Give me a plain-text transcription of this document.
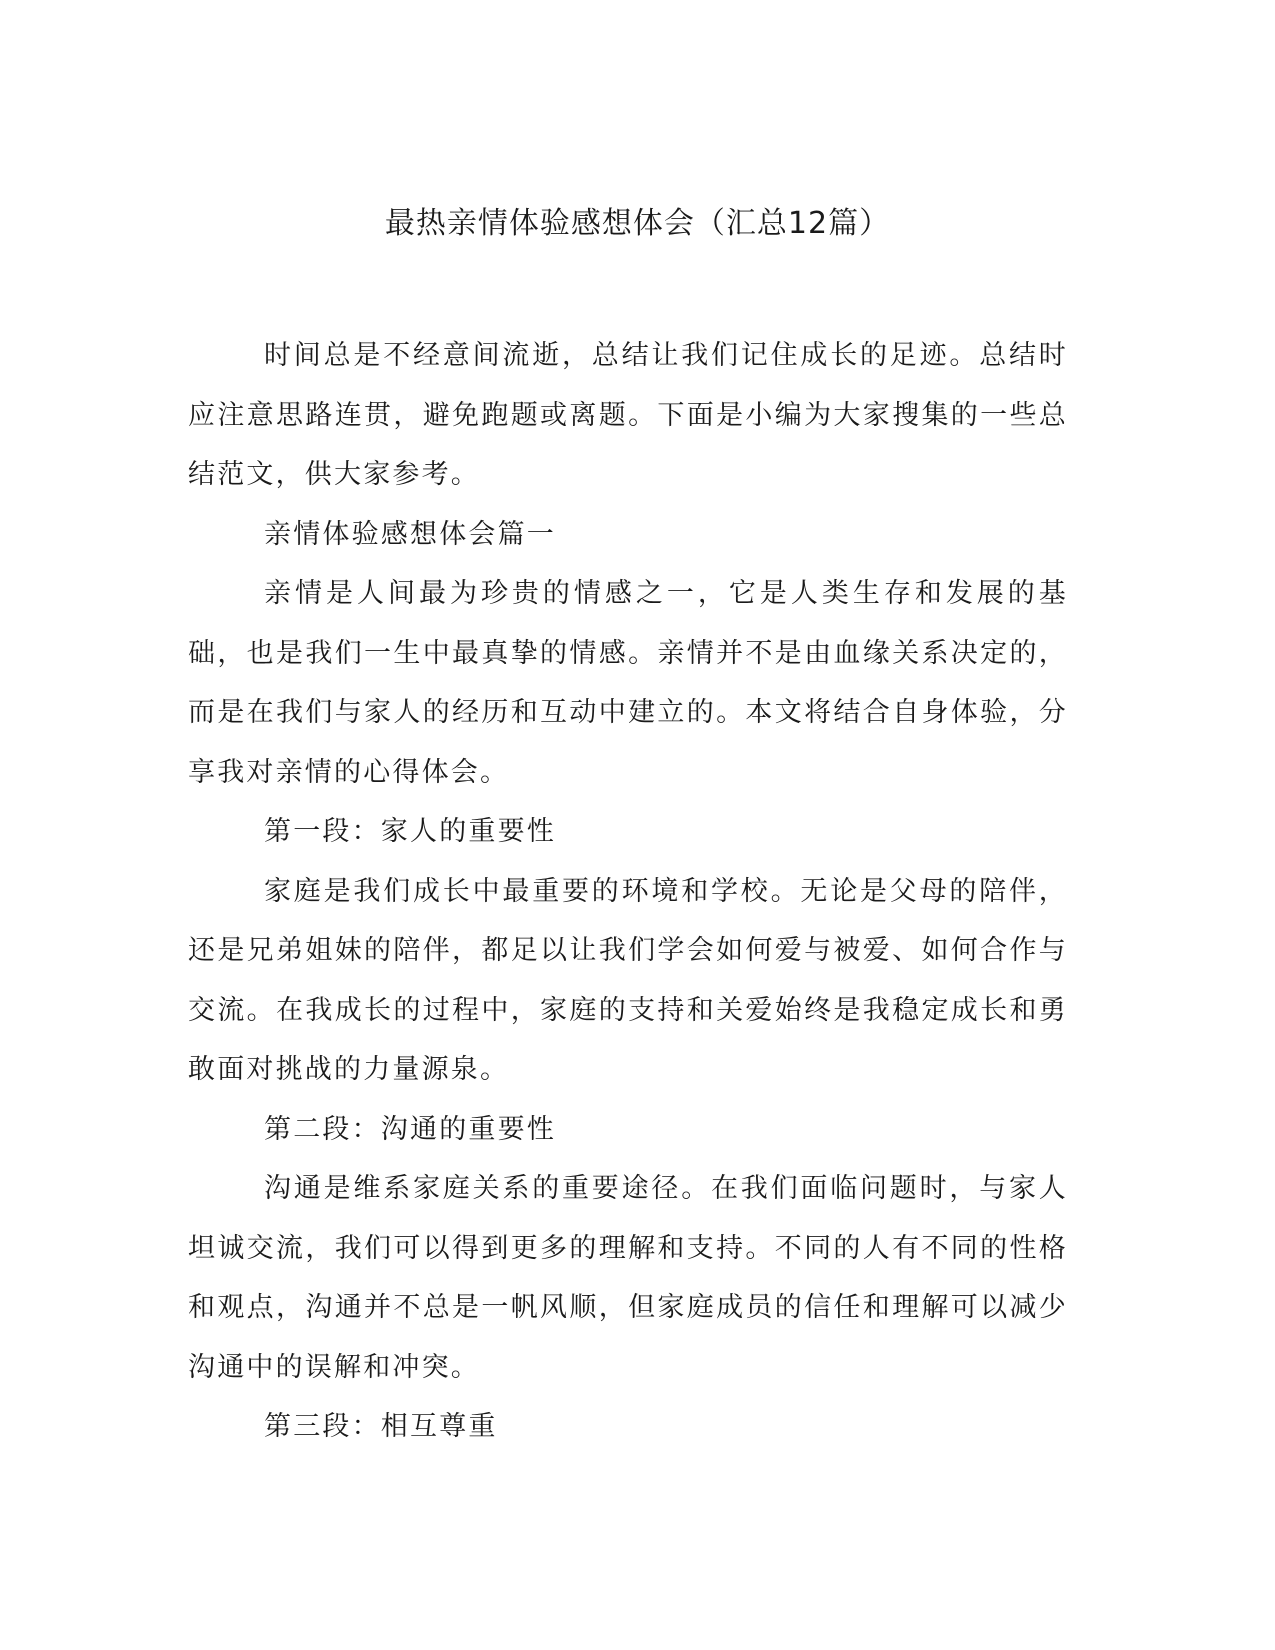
最热亲情体验感想体会（汇总12篇）

时间总是不经意间流逝，总结让我们记住成长的足迹。总结时应注意思路连贯，避免跑题或离题。下面是小编为大家搜集的一些总结范文，供大家参考。

亲情体验感想体会篇一

亲情是人间最为珍贵的情感之一，它是人类生存和发展的基础，也是我们一生中最真挚的情感。亲情并不是由血缘关系决定的，而是在我们与家人的经历和互动中建立的。本文将结合自身体验，分享我对亲情的心得体会。

第一段：家人的重要性

家庭是我们成长中最重要的环境和学校。无论是父母的陪伴，还是兄弟姐妹的陪伴，都足以让我们学会如何爱与被爱、如何合作与交流。在我成长的过程中，家庭的支持和关爱始终是我稳定成长和勇敢面对挑战的力量源泉。

第二段：沟通的重要性

沟通是维系家庭关系的重要途径。在我们面临问题时，与家人坦诚交流，我们可以得到更多的理解和支持。不同的人有不同的性格和观点，沟通并不总是一帆风顺，但家庭成员的信任和理解可以减少沟通中的误解和冲突。

第三段：相互尊重
